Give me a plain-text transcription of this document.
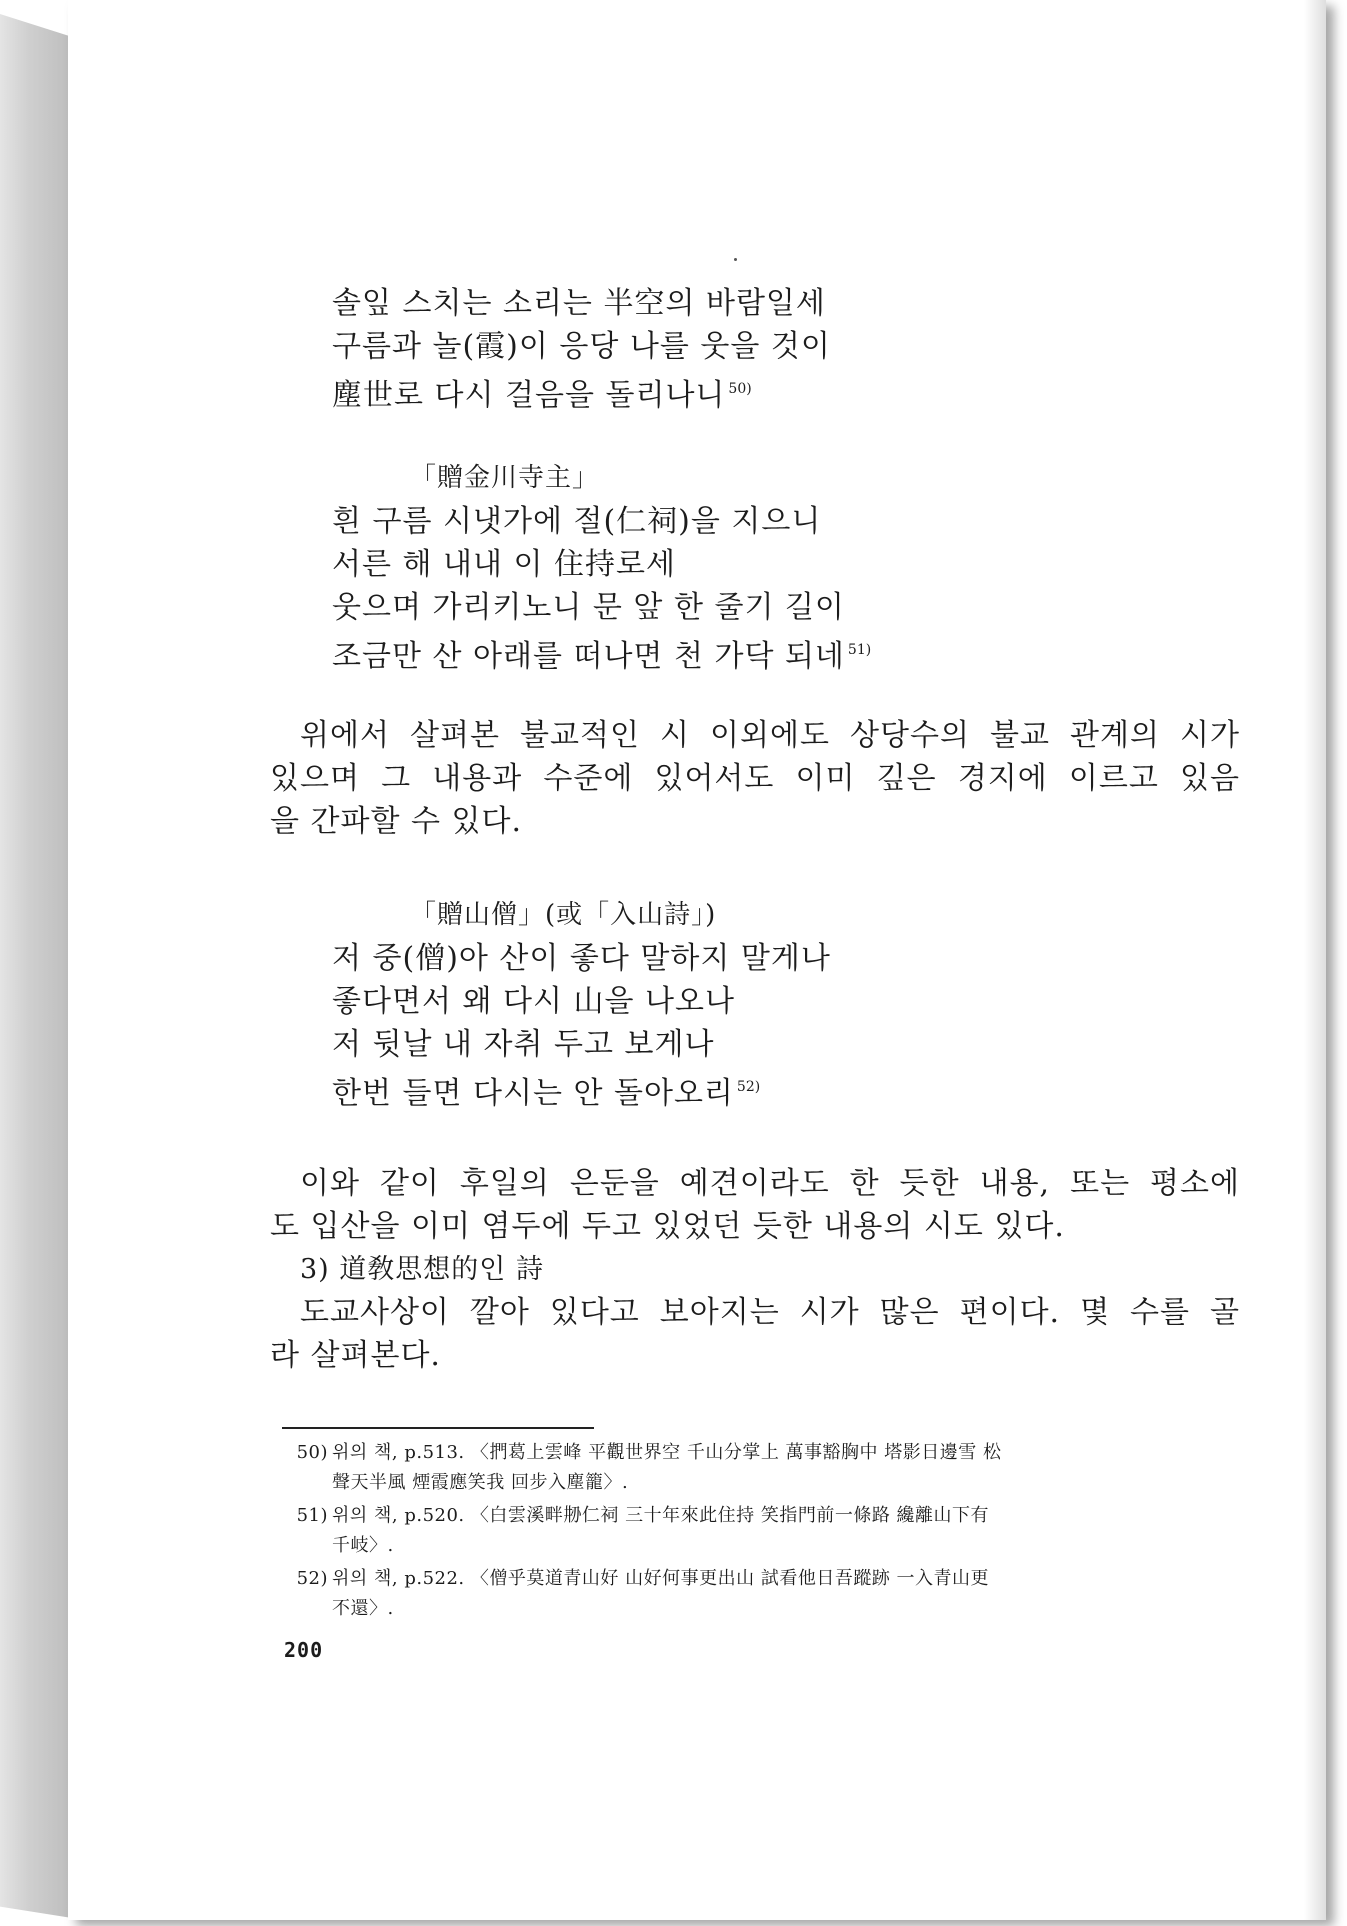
솔잎 스치는 소리는 半空의 바람일세
구름과 놀(霞)이 응당 나를 웃을 것이
塵世로 다시 걸음을 돌리나니 $^{50)}$
「贈金川寺主」
흰 구름 시냇가에 절(仁祠)을 지으니
서른 해 내내 이 住持로세
웃으며 가리키노니 문 앞 한 줄기 길이
조금만 산 아래를 떠나면 천 가닥 되네 $^{51)}$
위에서 살펴본 불교적인 시 이외에도 상당수의 불교 관계의 시가
있으며 그 내용과 수준에 있어서도 이미 깊은 경지에 이르고 있음
을 간파할 수 있다.
「贈山僧」(或「入山詩」)
저 중(僧)아 산이 좋다 말하지 말게나
좋다면서 왜 다시 山을 나오나
저 뒷날 내 자취 두고 보게나
한번 들면 다시는 안 돌아오리 $^{52)}$
이와 같이 후일의 은둔을 예견이라도 한 듯한 내용, 또는 평소에
도 입산을 이미 염두에 두고 있었던 듯한 내용의 시도 있다.
3) 道敎思想的인 詩
도교사상이 깔아 있다고 보아지는 시가 많은 편이다. 몇 수를 골
라 살펴본다.
50) 위의 책, p.513. 〈捫葛上雲峰 平觀世界空 千山分掌上 萬事豁胸中 塔影日邊雪 松
聲天半風 煙霞應笑我 回步入塵籠〉.
51) 위의 책, p.520. 〈白雲溪畔刱仁祠 三十年來此住持 笑指門前一條路 纔離山下有
千岐〉.
52) 위의 책, p.522. 〈僧乎莫道青山好 山好何事更出山 試看他日吾蹤跡 一入青山更
不還〉.
200
